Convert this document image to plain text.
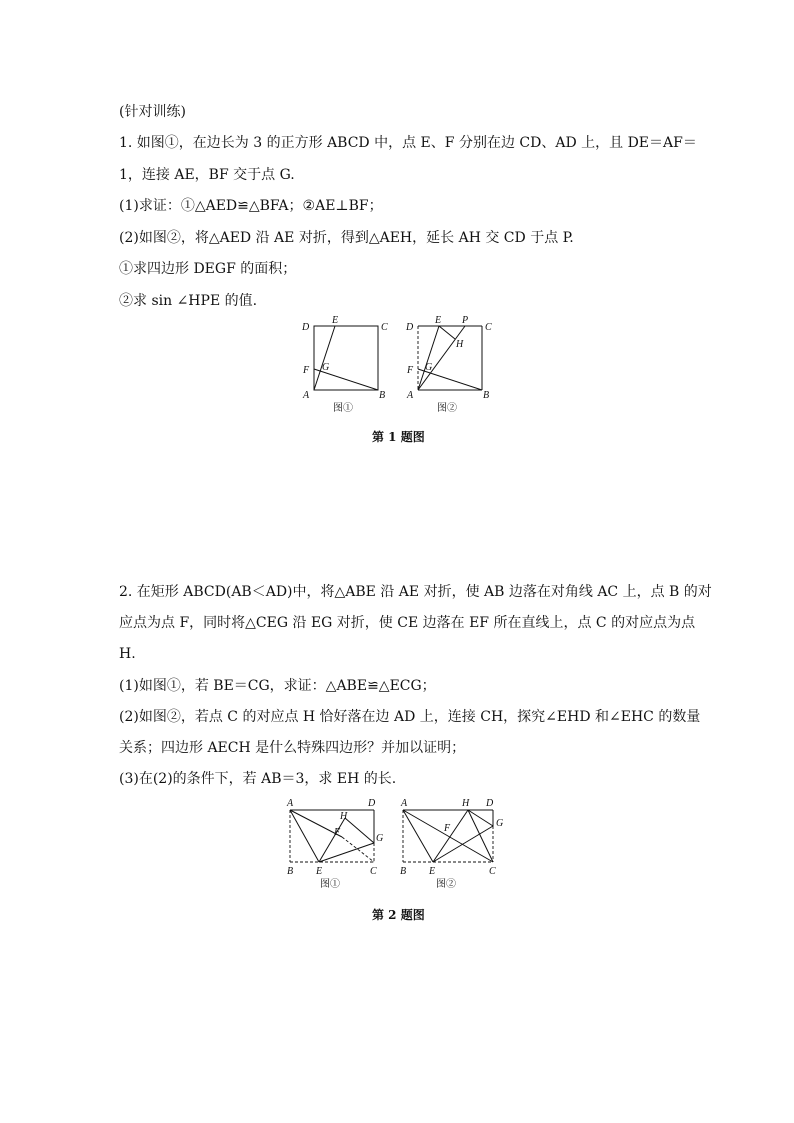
(针对训练)
1. 如图①，在边长为 3 的正方形 ABCD 中，点 E、F 分别在边 CD、AD 上，且 DE＝AF＝
1，连接 AE，BF 交于点 G.
(1)求证：①△AED≌△BFA；②AE⊥BF；
(2)如图②，将△AED 沿 AE 对折，得到△AEH，延长 AH 交 CD 于点 P.
①求四边形 DEGF 的面积；
②求 sin ∠HPE 的值.
D
E
C
F G
A	B
图①
D
E P
C
H
F G
A	B
图②
第 1 题图
2. 在矩形 ABCD(AB＜AD)中，将△ABE 沿 AE 对折，使 AB 边落在对角线 AC 上，点 B 的对
应点为点 F，同时将△CEG 沿 EG 对折，使 CE 边落在 EF 所在直线上，点 C 的对应点为点
H.
(1)如图①，若 BE＝CG，求证：△ABE≌△ECG；
(2)如图②，若点 C 的对应点 H 恰好落在边 AD 上，连接 CH，探究∠EHD 和∠EHC 的数量
关系；四边形 AECH 是什么特殊四边形？并加以证明；
(3)在(2)的条件下，若 AB＝3，求 EH 的长.
A	D
H
F
G
B E	C
图①
A	H D
F	G
B E	C
图②
第 2 题图
